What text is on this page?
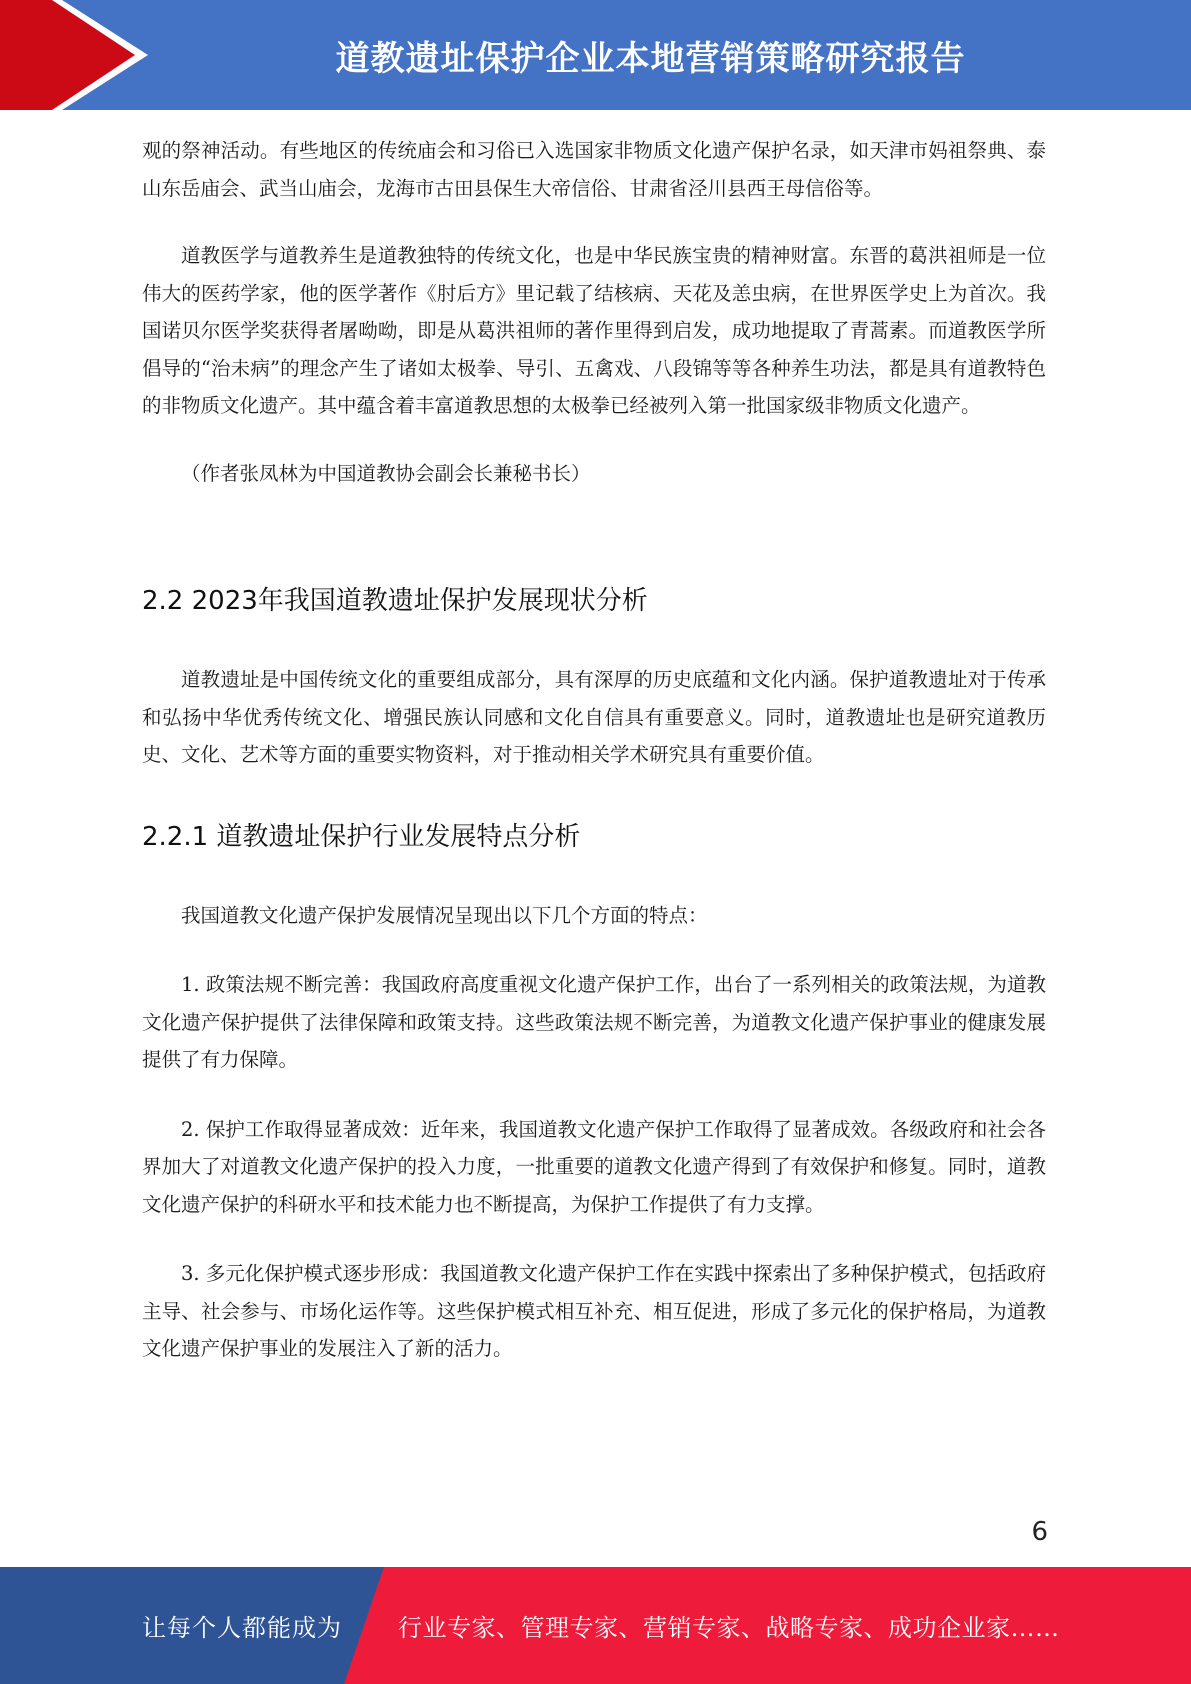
道教遗址保护企业本地营销策略研究报告

观的祭神活动。有些地区的传统庙会和习俗已入选国家非物质文化遗产保护名录，如天津市妈祖祭典、泰山东岳庙会、武当山庙会，龙海市古田县保生大帝信俗、甘肃省泾川县西王母信俗等。

道教医学与道教养生是道教独特的传统文化，也是中华民族宝贵的精神财富。东晋的葛洪祖师是一位伟大的医药学家，他的医学著作《肘后方》里记载了结核病、天花及恙虫病，在世界医学史上为首次。我国诺贝尔医学奖获得者屠呦呦，即是从葛洪祖师的著作里得到启发，成功地提取了青蒿素。而道教医学所倡导的“治未病”的理念产生了诸如太极拳、导引、五禽戏、八段锦等等各种养生功法，都是具有道教特色的非物质文化遗产。其中蕴含着丰富道教思想的太极拳已经被列入第一批国家级非物质文化遗产。

（作者张凤林为中国道教协会副会长兼秘书长）

2.2 2023年我国道教遗址保护发展现状分析

道教遗址是中国传统文化的重要组成部分，具有深厚的历史底蕴和文化内涵。保护道教遗址对于传承和弘扬中华优秀传统文化、增强民族认同感和文化自信具有重要意义。同时，道教遗址也是研究道教历史、文化、艺术等方面的重要实物资料，对于推动相关学术研究具有重要价值。

2.2.1 道教遗址保护行业发展特点分析

我国道教文化遗产保护发展情况呈现出以下几个方面的特点：

1. 政策法规不断完善：我国政府高度重视文化遗产保护工作，出台了一系列相关的政策法规，为道教文化遗产保护提供了法律保障和政策支持。这些政策法规不断完善，为道教文化遗产保护事业的健康发展提供了有力保障。

2. 保护工作取得显著成效：近年来，我国道教文化遗产保护工作取得了显著成效。各级政府和社会各界加大了对道教文化遗产保护的投入力度，一批重要的道教文化遗产得到了有效保护和修复。同时，道教文化遗产保护的科研水平和技术能力也不断提高，为保护工作提供了有力支撑。

3. 多元化保护模式逐步形成：我国道教文化遗产保护工作在实践中探索出了多种保护模式，包括政府主导、社会参与、市场化运作等。这些保护模式相互补充、相互促进，形成了多元化的保护格局，为道教文化遗产保护事业的发展注入了新的活力。

6
让每个人都能成为 行业专家、管理专家、营销专家、战略专家、成功企业家……
